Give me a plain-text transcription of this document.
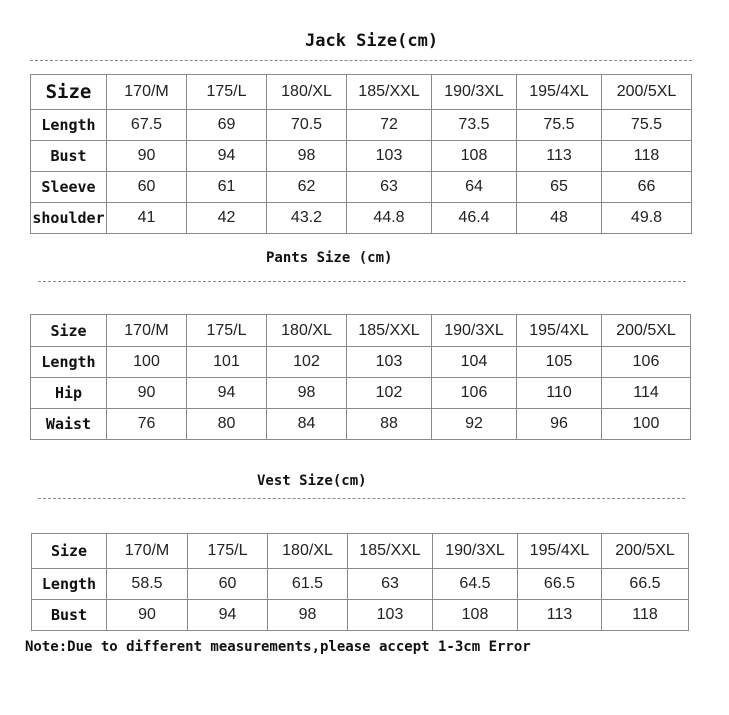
Jack Size(cm)
Size	170/M	175/L	180/XL	185/XXL	190/3XL	195/4XL	200/5XL
Length	67.5	69	70.5	72	73.5	75.5	75.5
Bust	90	94	98	103	108	113	118
Sleeve	60	61	62	63	64	65	66
shoulder	41	42	43.2	44.8	46.4	48	49.8
Pants Size (cm)
Size	170/M	175/L	180/XL	185/XXL	190/3XL	195/4XL	200/5XL
Length	100	101	102	103	104	105	106
Hip	90	94	98	102	106	110	114
Waist	76	80	84	88	92	96	100
Vest Size(cm)
Size	170/M	175/L	180/XL	185/XXL	190/3XL	195/4XL	200/5XL
Length	58.5	60	61.5	63	64.5	66.5	66.5
Bust	90	94	98	103	108	113	118
Note:Due to different measurements,please accept 1-3cm Error
